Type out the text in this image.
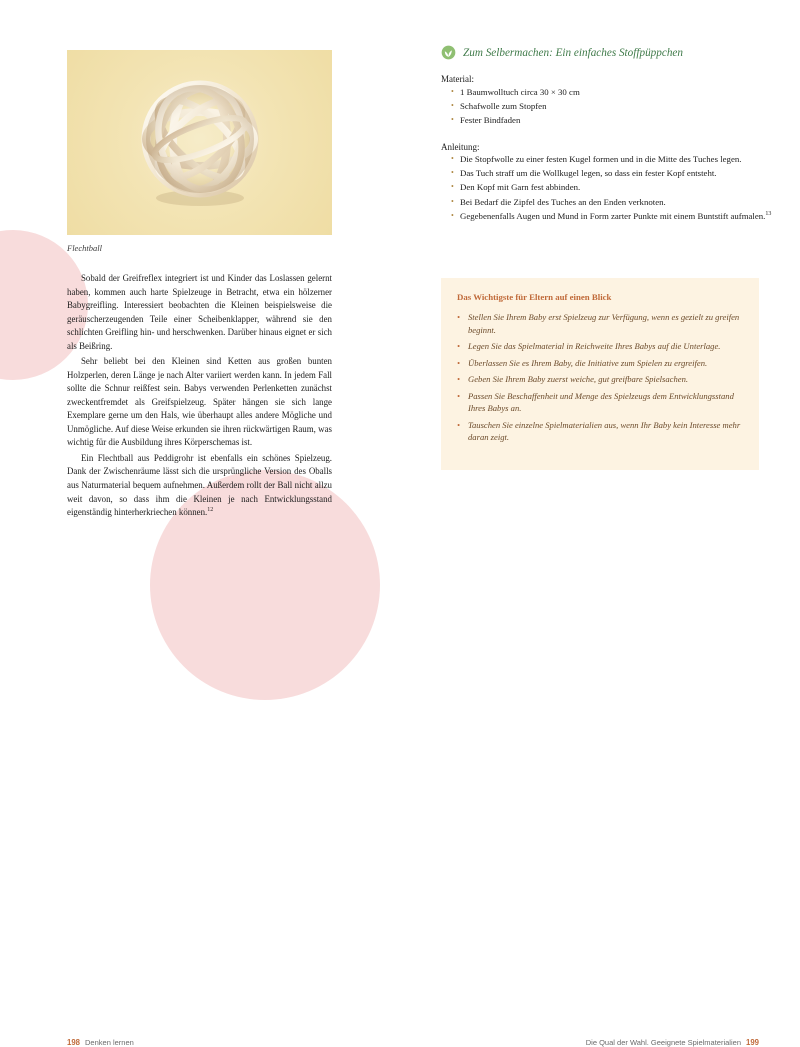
Flechtball

Sobald der Greifreflex integriert ist und Kinder das Loslassen gelernt haben, kommen auch harte Spielzeuge in Betracht, etwa ein hölzerner Babygreifling. Interessiert beobachten die Kleinen beispielsweise die geräuscherzeugenden Teile einer Scheibenklapper, während sie den schlichten Greifling hin- und herschwenken. Darüber hinaus eignet er sich als Beißring.

Sehr beliebt bei den Kleinen sind Ketten aus großen bunten Holzperlen, deren Länge je nach Alter variiert werden kann. In jedem Fall sollte die Schnur reißfest sein. Babys verwenden Perlenketten zunächst zweckentfremdet als Greifspielzeug. Später hängen sie sich lange Exemplare gerne um den Hals, wie überhaupt alles andere Mögliche und Unmögliche. Auf diese Weise erkunden sie ihren rückwärtigen Raum, was wichtig für die Ausbildung ihres Körperschemas ist.

Ein Flechtball aus Peddigrohr ist ebenfalls ein schönes Spielzeug. Dank der Zwischenräume lässt sich die ursprüngliche Version des Oballs aus Naturmaterial bequem aufnehmen. Außerdem rollt der Ball nicht allzu weit davon, so dass ihm die Kleinen je nach Entwicklungsstand eigenständig hinterherkriechen können.$^{12}$

Zum Selbermachen: Ein einfaches Stoffpüppchen
Material:
• 1 Baumwolltuch circa 30 × 30 cm
• Schafwolle zum Stopfen
• Fester Bindfaden
Anleitung:
• Die Stopfwolle zu einer festen Kugel formen und in die Mitte des Tuches legen.
• Das Tuch straff um die Wollkugel legen, so dass ein fester Kopf entsteht.
• Den Kopf mit Garn fest abbinden.
• Bei Bedarf die Zipfel des Tuches an den Enden verknoten.
• Gegebenenfalls Augen und Mund in Form zarter Punkte mit einem Buntstift aufmalen.$^{13}$

Das Wichtigste für Eltern auf einen Blick

• Stellen Sie Ihrem Baby erst Spielzeug zur Verfügung, wenn es gezielt zu greifen beginnt.
• Legen Sie das Spielmaterial in Reichweite Ihres Babys auf die Unterlage.
• Überlassen Sie es Ihrem Baby, die Initiative zum Spielen zu ergreifen.
• Geben Sie Ihrem Baby zuerst weiche, gut greifbare Spielsachen.
• Passen Sie Beschaffenheit und Menge des Spielzeugs dem Entwicklungsstand Ihres Babys an.
• Tauschen Sie einzelne Spielmaterialien aus, wenn Ihr Baby kein Interesse mehr daran zeigt.
198 Denken lernen	Die Qual der Wahl. Geeignete Spielmaterialien 199
